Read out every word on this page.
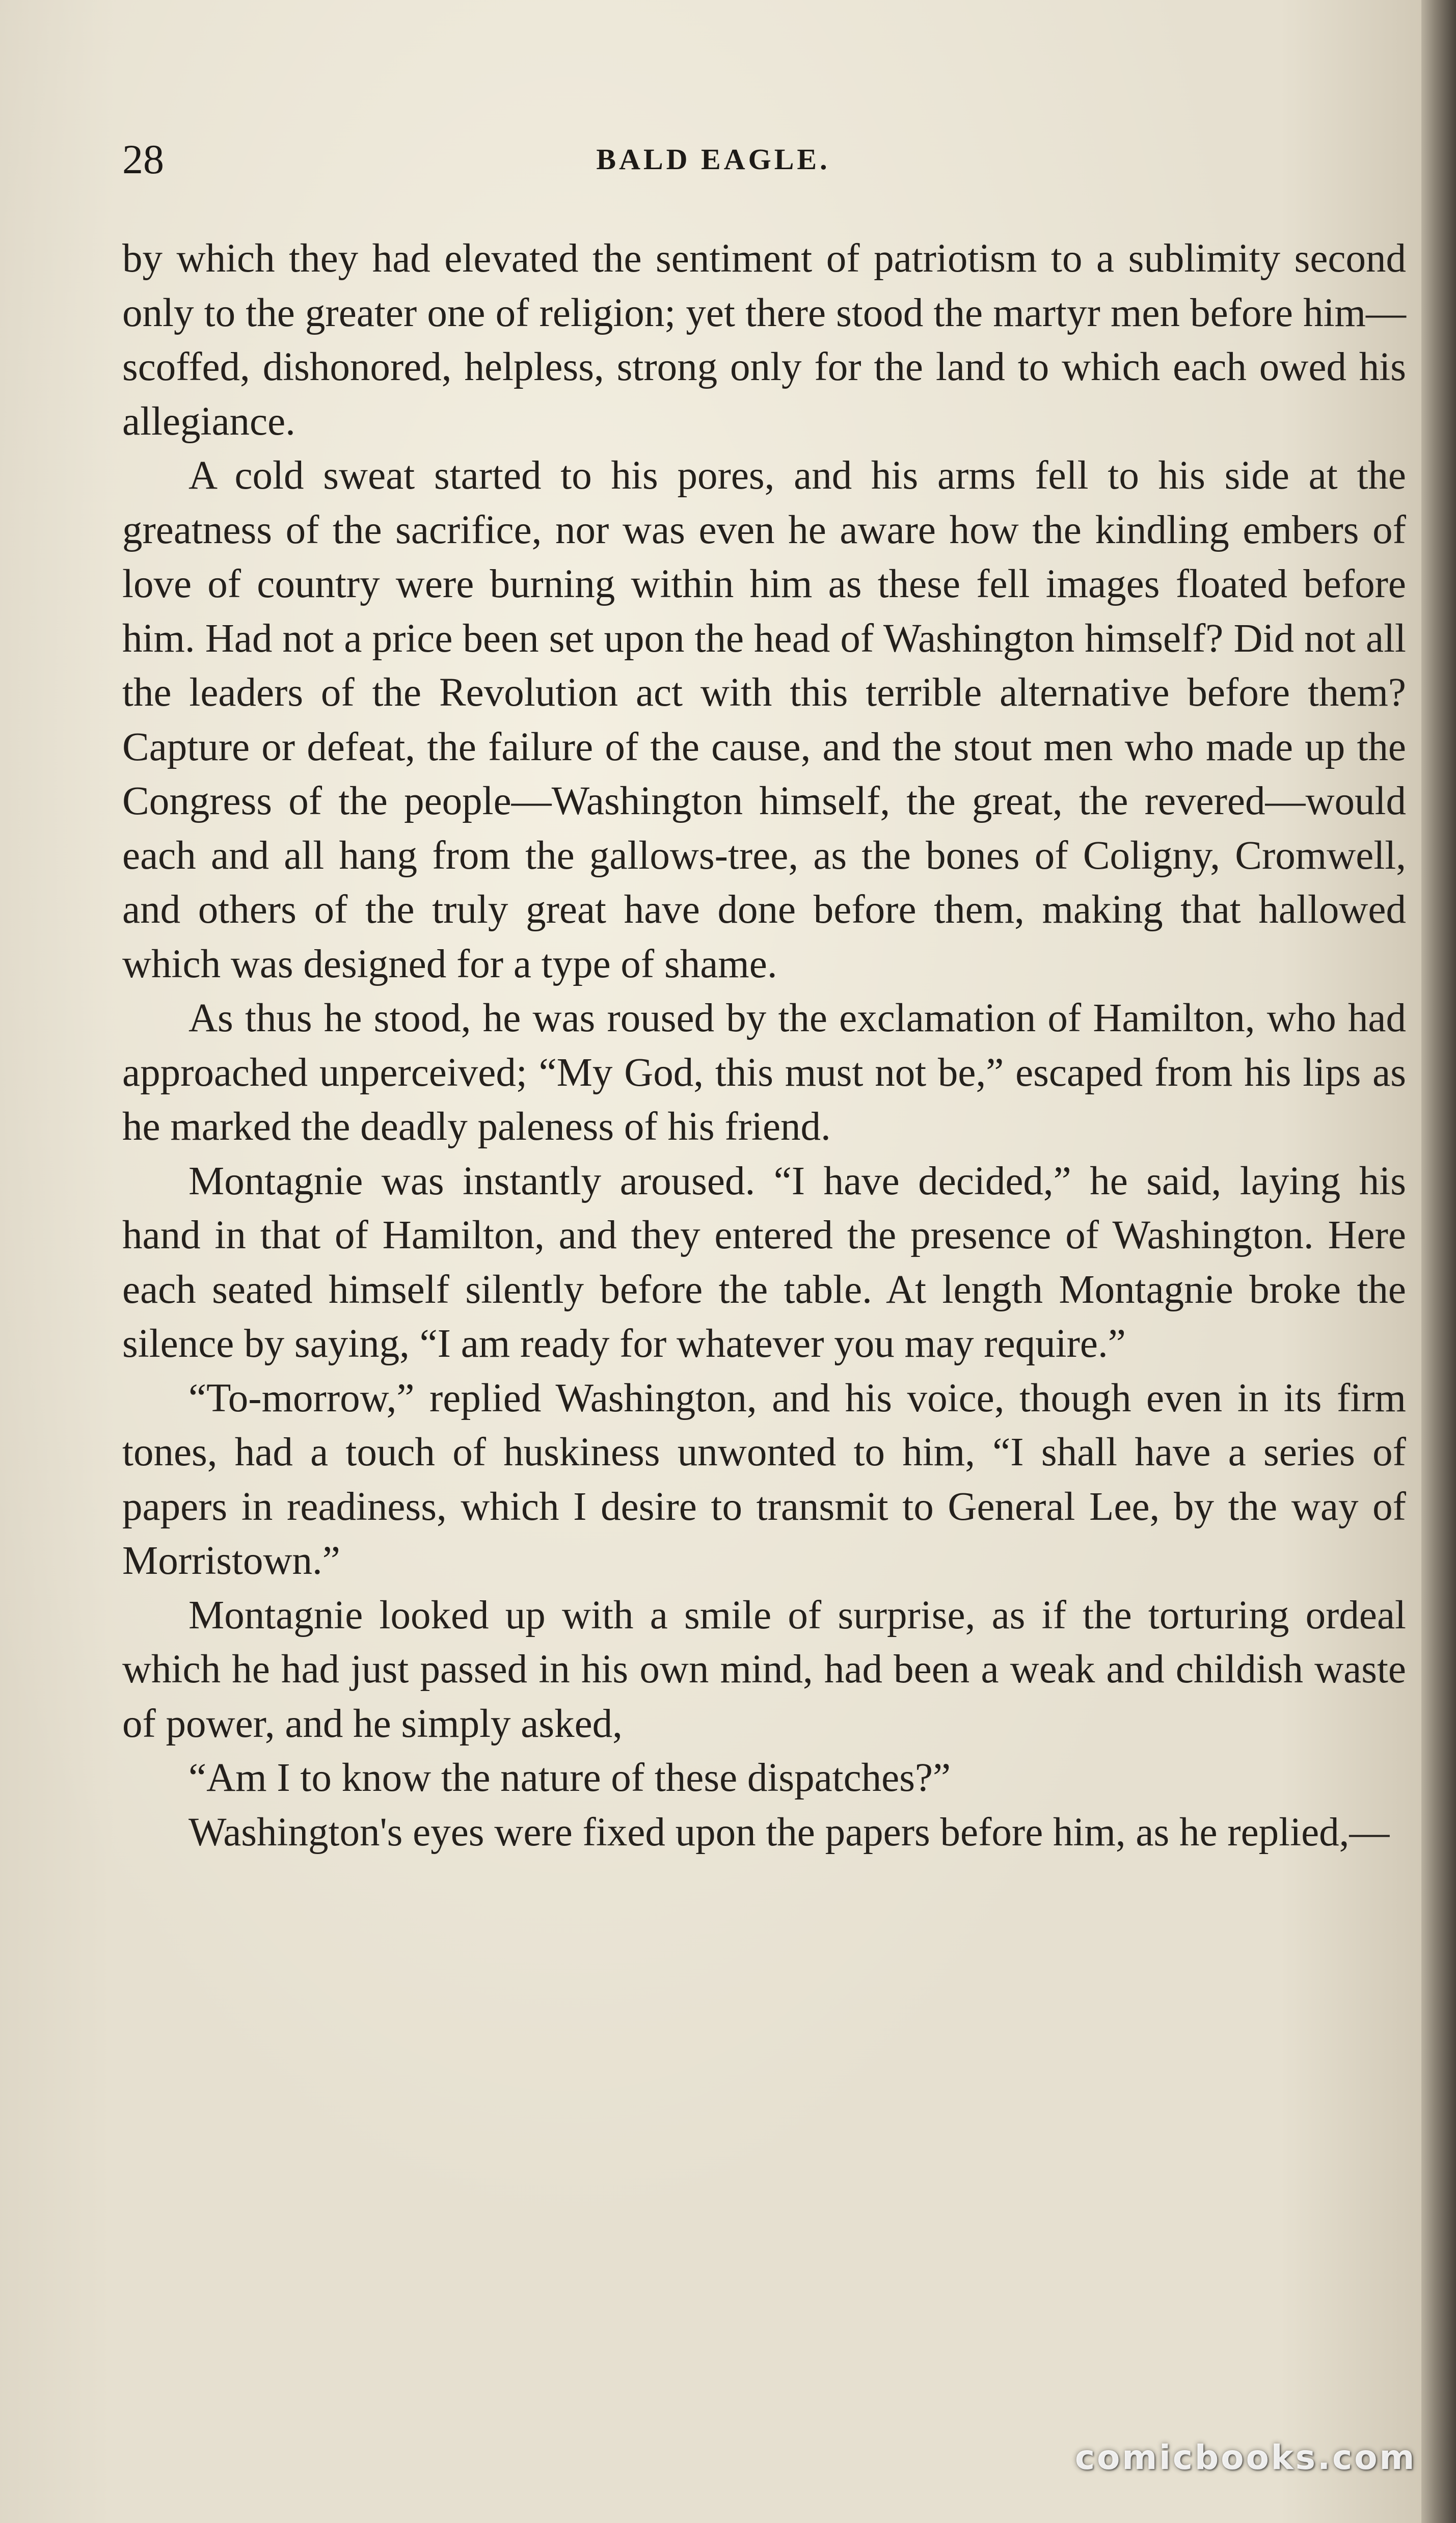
28	BALD EAGLE.

by which they had elevated the sentiment of patriotism to a sublimity second only to the greater one of religion; yet there stood the martyr men before him—scoffed, dishonored, helpless, strong only for the land to which each owed his allegiance.

A cold sweat started to his pores, and his arms fell to his side at the greatness of the sacrifice, nor was even he aware how the kindling embers of love of country were burning within him as these fell images floated before him. Had not a price been set upon the head of Washington himself? Did not all the leaders of the Revolution act with this terrible alternative before them? Capture or defeat, the failure of the cause, and the stout men who made up the Congress of the people—Washington himself, the great, the revered—would each and all hang from the gallows-tree, as the bones of Coligny, Cromwell, and others of the truly great have done before them, making that hallowed which was designed for a type of shame.

As thus he stood, he was roused by the exclamation of Hamilton, who had approached unperceived; “My God, this must not be,” escaped from his lips as he marked the deadly paleness of his friend.

Montagnie was instantly aroused. “I have decided,” he said, laying his hand in that of Hamilton, and they entered the presence of Washington. Here each seated himself silently before the table. At length Montagnie broke the silence by saying, “I am ready for whatever you may require.”

“To-morrow,” replied Washington, and his voice, though even in its firm tones, had a touch of huskiness unwonted to him, “I shall have a series of papers in readiness, which I desire to transmit to General Lee, by the way of Morristown.”

Montagnie looked up with a smile of surprise, as if the torturing ordeal which he had just passed in his own mind, had been a weak and childish waste of power, and he simply asked,

“Am I to know the nature of these dispatches?”

Washington's eyes were fixed upon the papers before him, as he replied,—

comicbooks.com
